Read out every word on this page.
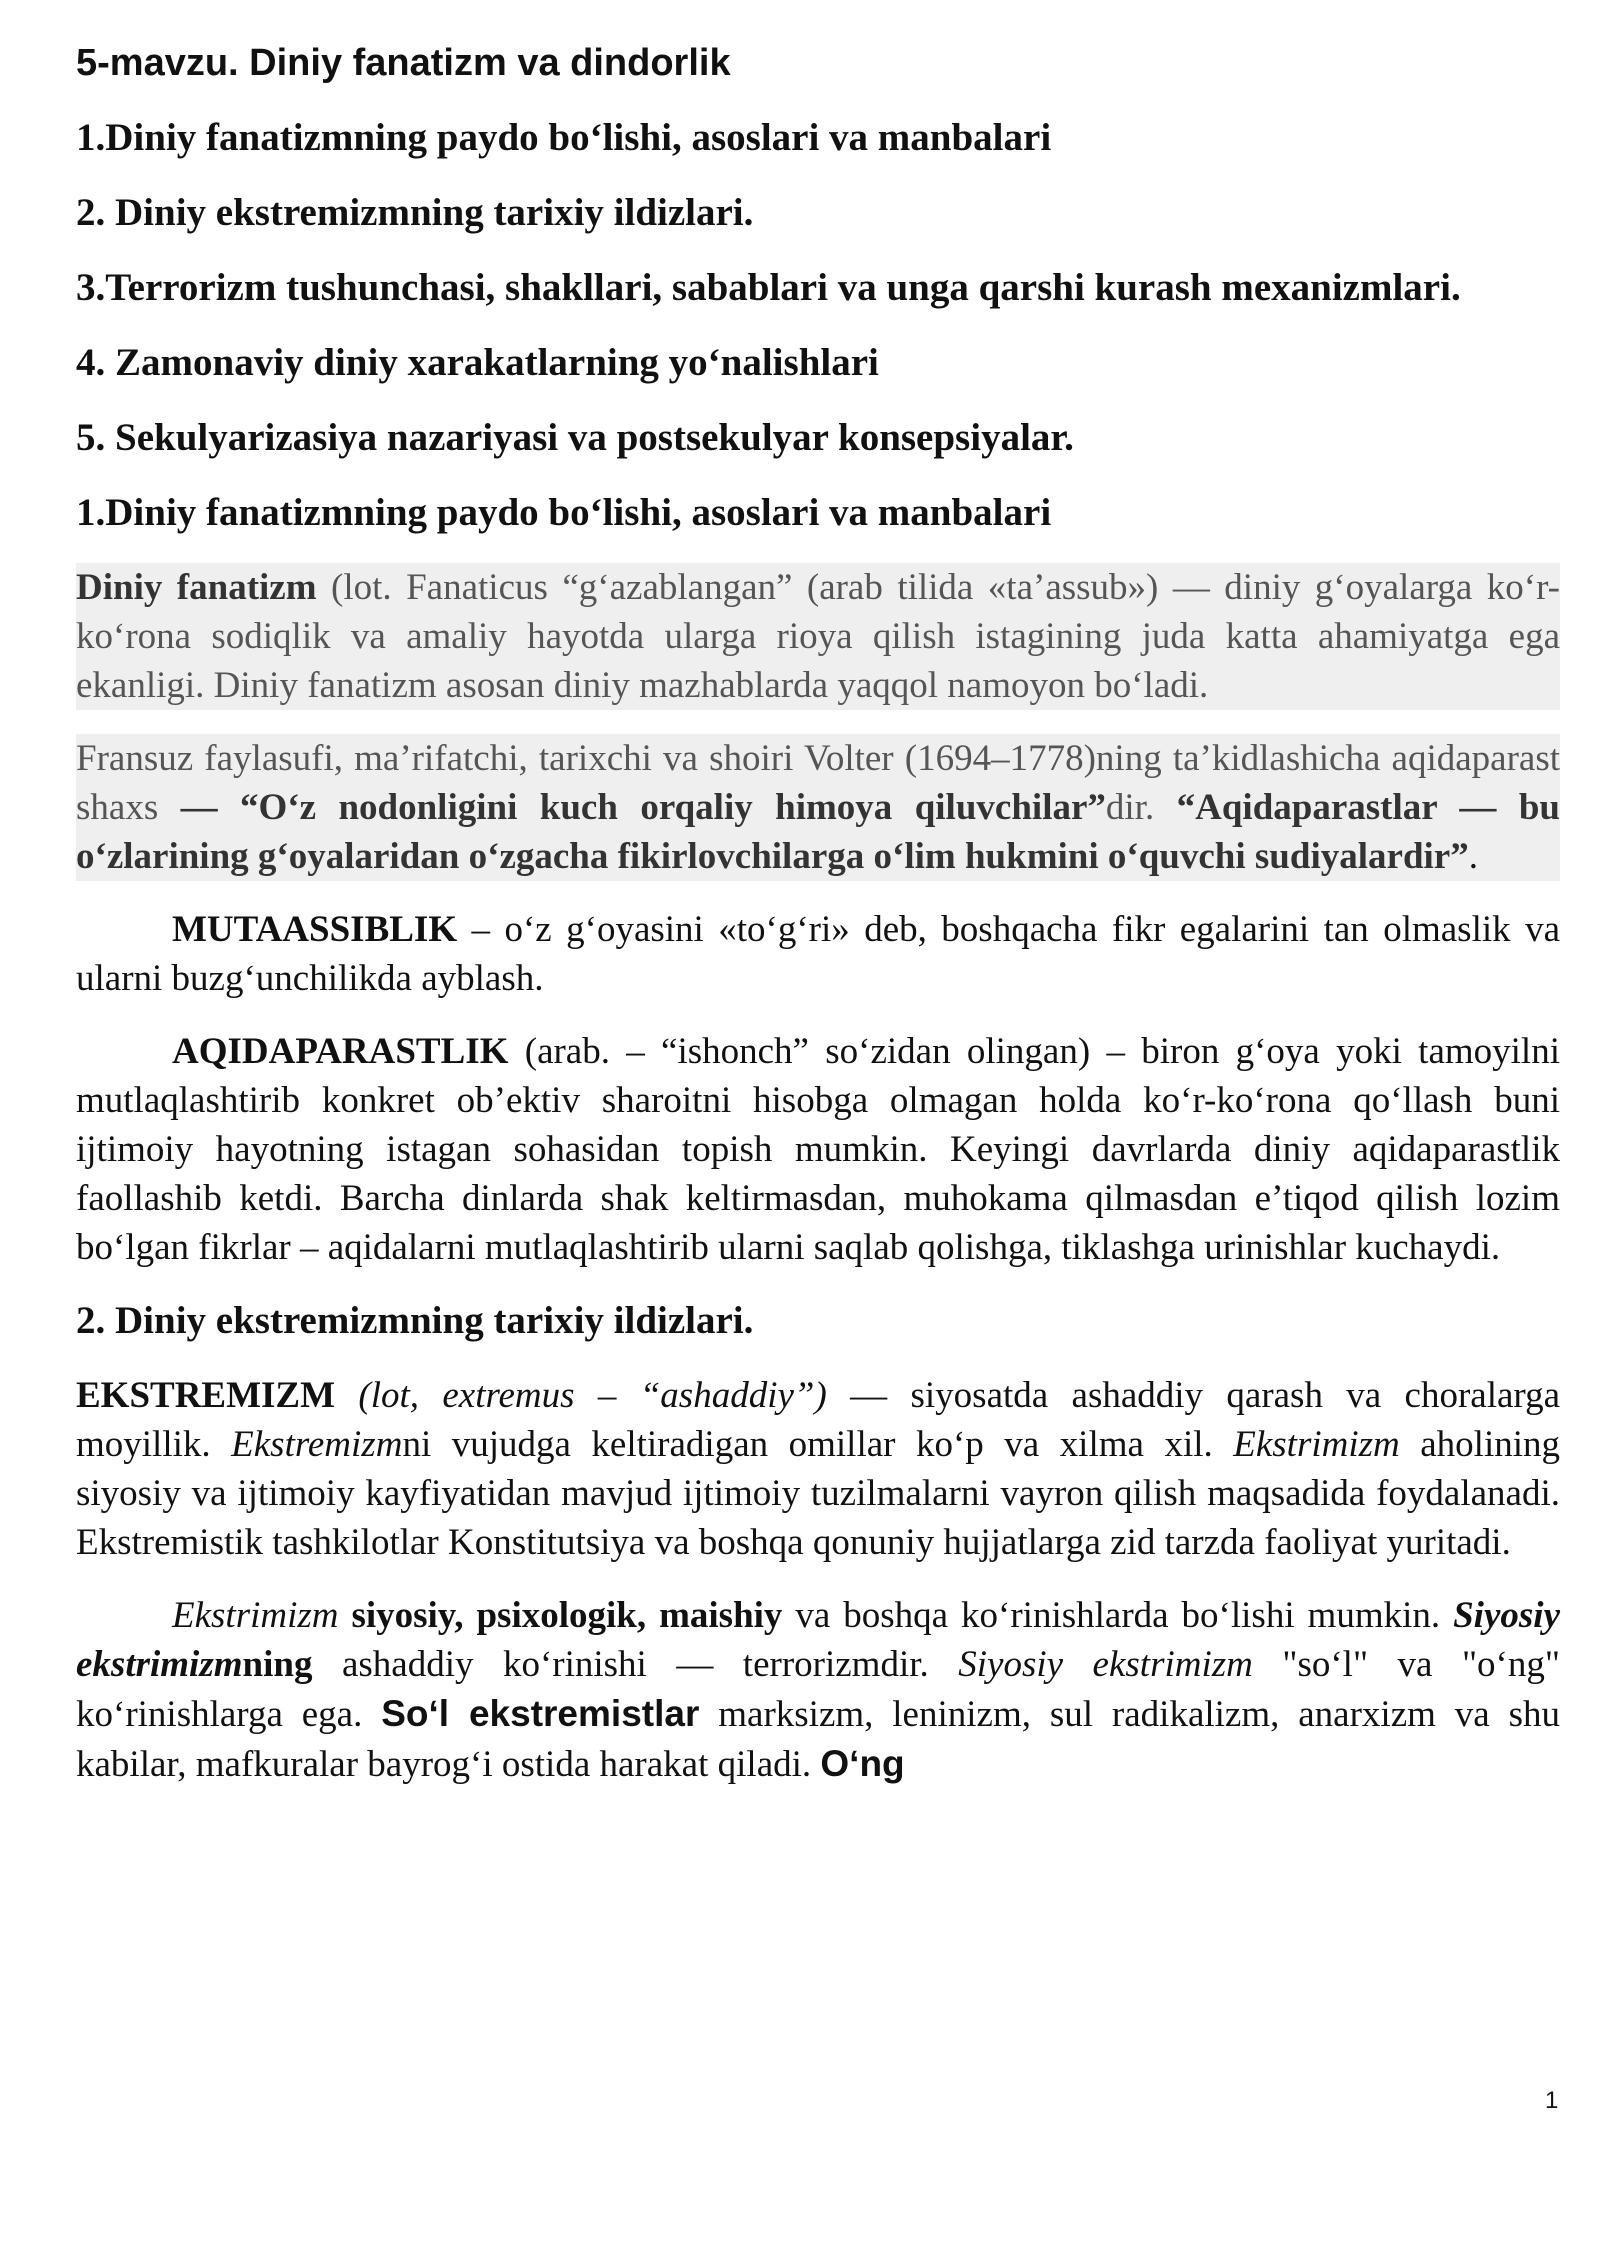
5-mavzu. Diniy fanatizm va dindorlik
1.Diniy fanatizmning paydo bo‘lishi, asoslari va manbalari
2. Diniy ekstremizmning tarixiy ildizlari.
3.Terrorizm tushunchasi, shakllari, sabablari va unga qarshi kurash mexanizmlari.
4. Zamonaviy diniy xarakatlarning yo‘nalishlari
5. Sekulyarizasiya nazariyasi va postsekulyar konsepsiyalar.
1.Diniy fanatizmning paydo bo‘lishi, asoslari va manbalari

Diniy fanatizm (lot. Fanaticus “g‘azablangan” (arab tilida «ta’assub») — diniy g‘oyalarga ko‘r-ko‘rona sodiqlik va amaliy hayotda ularga rioya qilish istagining juda katta ahamiyatga ega ekanligi. Diniy fanatizm asosan diniy mazhablarda yaqqol namoyon bo‘ladi.

Fransuz faylasufi, ma’rifatchi, tarixchi va shoiri Volter (1694–1778)ning ta’kidlashicha aqidaparast shaxs — “O‘z nodonligini kuch orqaliy himoya qiluvchilar”dir. “Aqidaparastlar — bu o‘zlarining g‘oyalaridan o‘zgacha fikirlovchilarga o‘lim hukmini o‘quvchi sudiyalardir”.

MUTAASSIBLIK – o‘z g‘oyasini «to‘g‘ri» deb, boshqacha fikr egalarini tan olmaslik va ularni buzg‘unchilikda ayblash.

AQIDAPARASTLIK (arab. – “ishonch” so‘zidan olingan) – biron g‘oya yoki tamoyilni mutlaqlashtirib konkret ob’ektiv sharoitni hisobga olmagan holda ko‘r-ko‘rona qo‘llash buni ijtimoiy hayotning istagan sohasidan topish mumkin. Keyingi davrlarda diniy aqidaparastlik faollashib ketdi. Barcha dinlarda shak keltirmasdan, muhokama qilmasdan e’tiqod qilish lozim bo‘lgan fikrlar – aqidalarni mutlaqlashtirib ularni saqlab qolishga, tiklashga urinishlar kuchaydi.

2. Diniy ekstremizmning tarixiy ildizlari.

EKSTREMIZM (lot, extremus – “ashaddiy”) — siyosatda ashaddiy qarash va choralarga moyillik. Ekstremizmni vujudga keltiradigan omillar ko‘p va xilma xil. Ekstrimizm aholining siyosiy va ijtimoiy kayfiyatidan mavjud ijtimoiy tuzilmalarni vayron qilish maqsadida foydalanadi. Ekstremistik tashkilotlar Konstitutsiya va boshqa qonuniy hujjatlarga zid tarzda faoliyat yuritadi.

Ekstrimizm siyosiy, psixologik, maishiy va boshqa ko‘rinishlarda bo‘lishi mumkin. Siyosiy ekstrimizmning ashaddiy ko‘rinishi — terrorizmdir. Siyosiy ekstrimizm "so‘l" va "o‘ng" ko‘rinishlarga ega. So‘l ekstremistlar marksizm, leninizm, sul radikalizm, anarxizm va shu kabilar, mafkuralar bayrog‘i ostida harakat qiladi. O‘ng

1
